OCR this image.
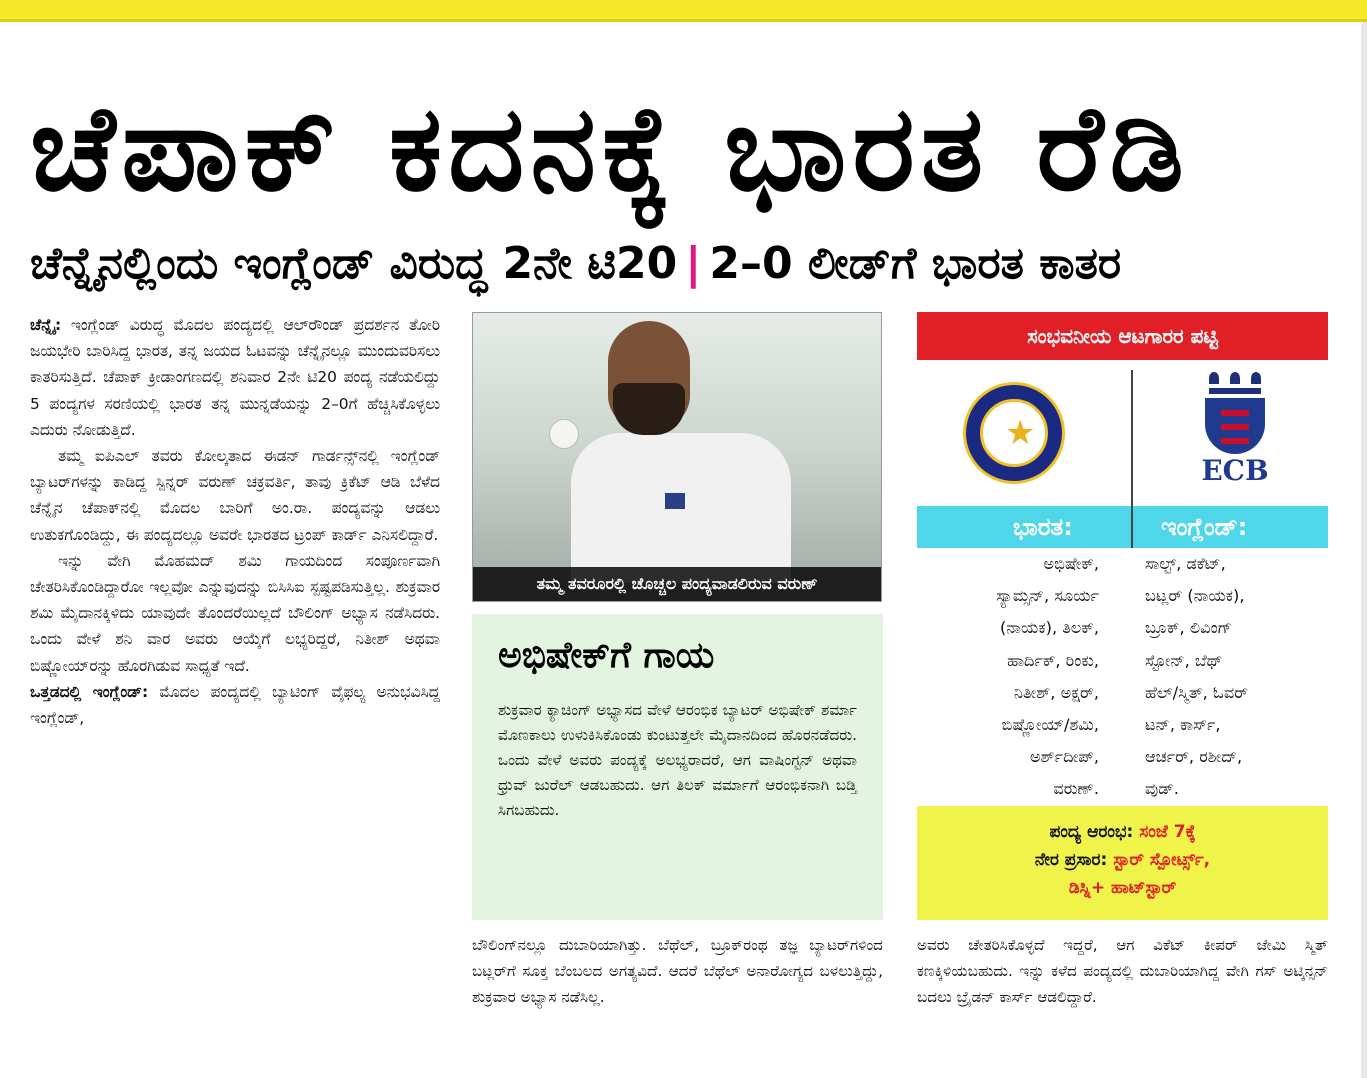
ಚೆಪಾಕ್ ಕದನಕ್ಕೆ ಭಾರತ ರೆಡಿ
ಚೆನ್ನೈನಲ್ಲಿಂದು ಇಂಗ್ಲೆಂಡ್ ವಿರುದ್ಧ 2ನೇ ಟಿ20 | 2–0 ಲೀಡ್‌ಗೆ ಭಾರತ ಕಾತರ

ಚೆನ್ನೈ: ಇಂಗ್ಲೆಂಡ್ ವಿರುದ್ಧ ಮೊದಲ ಪಂದ್ಯದಲ್ಲಿ ಆಲ್‌ರೌಂಡ್ ಪ್ರದರ್ಶನ ತೋರಿ ಜಯಭೇರಿ ಬಾರಿಸಿದ್ದ ಭಾರತ, ತನ್ನ ಜಯದ ಓಟವನ್ನು ಚೆನ್ನೈನಲ್ಲೂ ಮುಂದುವರಿಸಲು ಕಾತರಿಸುತ್ತಿದೆ. ಚೆಪಾಕ್ ಕ್ರೀಡಾಂಗಣದಲ್ಲಿ ಶನಿವಾರ 2ನೇ ಟಿ20 ಪಂದ್ಯ ನಡೆಯಲಿದ್ದು 5 ಪಂದ್ಯಗಳ ಸರಣಿಯಲ್ಲಿ ಭಾರತ ತನ್ನ ಮುನ್ನಡೆಯನ್ನು 2–0ಗೆ ಹೆಚ್ಚಿಸಿಕೊಳ್ಳಲು ಎದುರು ನೋಡುತ್ತಿದೆ.

ತಮ್ಮ ಐಪಿಎಲ್ ತವರು ಕೋಲ್ಕತಾದ ಈಡನ್ ಗಾರ್ಡನ್ಸ್‌ನಲ್ಲಿ ಇಂಗ್ಲೆಂಡ್ ಬ್ಯಾಟರ್‌ಗಳನ್ನು ಕಾಡಿದ್ದ ಸ್ಪಿನ್ನರ್ ವರುಣ್ ಚಕ್ರವರ್ತಿ, ತಾವು ಕ್ರಿಕೆಟ್ ಆಡಿ ಬೆಳೆದ ಚೆನ್ನೈನ ಚೆಪಾಕ್‌ನಲ್ಲಿ ಮೊದಲ ಬಾರಿಗೆ ಅಂ.ರಾ. ಪಂದ್ಯವನ್ನು ಆಡಲು ಉತುಕಗೊಂಡಿದ್ದು, ಈ ಪಂದ್ಯದಲ್ಲೂ ಅವರೇ ಭಾರತದ ಟ್ರಂಪ್ ಕಾರ್ಡ್ ಎನಿಸಲಿದ್ದಾರೆ.

ಇನ್ನು ವೇಗಿ ಮೊಹಮದ್ ಶಮಿ ಗಾಯದಿಂದ ಸಂಪೂರ್ಣವಾಗಿ ಚೇತರಿಸಿಕೊಂಡಿದ್ದಾರೋ ಇಲ್ಲವೋ ಎನ್ನುವುದನ್ನು ಬಿಸಿಸಿಐ ಸ್ಪಷ್ಟಪಡಿಸುತ್ತಿಲ್ಲ. ಶುಕ್ರವಾರ ಶಮಿ ಮೈದಾನಕ್ಕಿಳಿದು ಯಾವುದೇ ತೊಂದರೆಯಿಲ್ಲದೆ ಬೌಲಿಂಗ್ ಅಭ್ಯಾಸ ನಡೆಸಿದರು. ಒಂದು ವೇಳೆ ಶನಿ ವಾರ ಅವರು ಆಯ್ಕೆಗೆ ಲಭ್ಯರಿದ್ದರೆ, ನಿತೀಶ್ ಅಥವಾ ಬಿಷ್ಣೋಯ್‌ರನ್ನು ಹೊರಗಿಡುವ ಸಾಧ್ಯತೆ ಇದೆ.

ಒತ್ತಡದಲ್ಲಿ ಇಂಗ್ಲೆಂಡ್: ಮೊದಲ ಪಂದ್ಯದಲ್ಲಿ ಬ್ಯಾಟಿಂಗ್ ವೈಫಲ್ಯ ಅನುಭವಿಸಿದ್ದ ಇಂಗ್ಲೆಂಡ್,

ತಮ್ಮ ತವರೂರಲ್ಲಿ ಚೊಚ್ಚಲ ಪಂದ್ಯವಾಡಲಿರುವ ವರುಣ್
ಅಭಿಷೇಕ್‌ಗೆ ಗಾಯ

ಶುಕ್ರವಾರ ಕ್ಯಾಚಿಂಗ್ ಅಭ್ಯಾಸದ ವೇಳೆ ಆರಂಭಿಕ ಬ್ಯಾಟರ್ ಅಭಿಷೇಕ್ ಶರ್ಮಾ ಮೊಣಕಾಲು ಉಳುಕಿಸಿಕೊಂಡು ಕುಂಟುತ್ತಲೇ ಮೈದಾನದಿಂದ ಹೊರನಡೆದರು. ಒಂದು ವೇಳೆ ಅವರು ಪಂದ್ಯಕ್ಕೆ ಅಲಭ್ಯರಾದರೆ, ಆಗ ವಾಷಿಂಗ್ಟನ್ ಅಥವಾ ಧ್ರುವ್ ಜುರೆಲ್ ಆಡಬಹುದು. ಆಗ ತಿಲಕ್ ವರ್ಮಾಗೆ ಆರಂಭಿಕನಾಗಿ ಬಡ್ತಿ ಸಿಗಬಹುದು.

ಬೌಲಿಂಗ್‌ನಲ್ಲೂ ದುಬಾರಿಯಾಗಿತ್ತು. ಬೆಥೆಲ್, ಬ್ರೂಕ್‌ರಂಥ ತಜ್ಞ ಬ್ಯಾಟರ್‌ಗಳಿಂದ ಬಟ್ಲರ್‌ಗೆ ಸೂಕ್ತ ಬೆಂಬಲದ ಅಗತ್ಯವಿದೆ. ಆದರೆ ಬೆಥೆಲ್ ಅನಾರೋಗ್ಯದ ಬಳಲುತ್ತಿದ್ದು, ಶುಕ್ರವಾರ ಅಭ್ಯಾಸ ನಡೆಸಿಲ್ಲ.

ಸಂಭವನೀಯ ಆಟಗಾರರ ಪಟ್ಟಿ
★
ECB
ಭಾರತ:	ಇಂಗ್ಲೆಂಡ್:
ಅಭಿಷೇಕ್,
ಸ್ಯಾಮ್ಸನ್, ಸೂರ್ಯ
(ನಾಯಕ), ತಿಲಕ್,
ಹಾರ್ದಿಕ್, ರಿಂಕು,
ನಿತೀಶ್, ಅಕ್ಷರ್,
ಬಿಷ್ಣೋಯ್/ಶಮಿ,
ಅರ್ಶ್‌ದೀಪ್,
ವರುಣ್.
ಸಾಲ್ಟ್, ಡಕೆಟ್,
ಬಟ್ಲರ್ (ನಾಯಕ),
ಬ್ರೂಕ್, ಲಿವಿಂಗ್
ಸ್ಟೋನ್, ಬೆಥ್
ಹೆಲ್/ಸ್ಮಿತ್, ಓವರ್
ಟನ್, ಕಾರ್ಸ್,
ಆರ್ಚರ್, ರಶೀದ್,
ವುಡ್.

ಪಂದ್ಯ ಆರಂಭ: ಸಂಜೆ 7ಕ್ಕೆ

ನೇರ ಪ್ರಸಾರ: ಸ್ಟಾರ್ ಸ್ಪೋರ್ಟ್ಸ್,

ಡಿಸ್ನಿ+ ಹಾಟ್‌ಸ್ಟಾರ್

ಅವರು ಚೇತರಿಸಿಕೊಳ್ಳದೆ ಇದ್ದರೆ, ಆಗ ವಿಕೆಟ್ ಕೀಪರ್ ಜೇಮಿ ಸ್ಮಿತ್ ಕಣಕ್ಕಿಳಿಯಬಹುದು. ಇನ್ನು ಕಳೆದ ಪಂದ್ಯದಲ್ಲಿ ದುಬಾರಿಯಾಗಿದ್ದ ವೇಗಿ ಗಸ್ ಅಟ್ಕಿನ್ಸನ್ ಬದಲು ಬ್ರೈಡನ್ ಕಾರ್ಸ್ ಆಡಲಿದ್ದಾರೆ.
